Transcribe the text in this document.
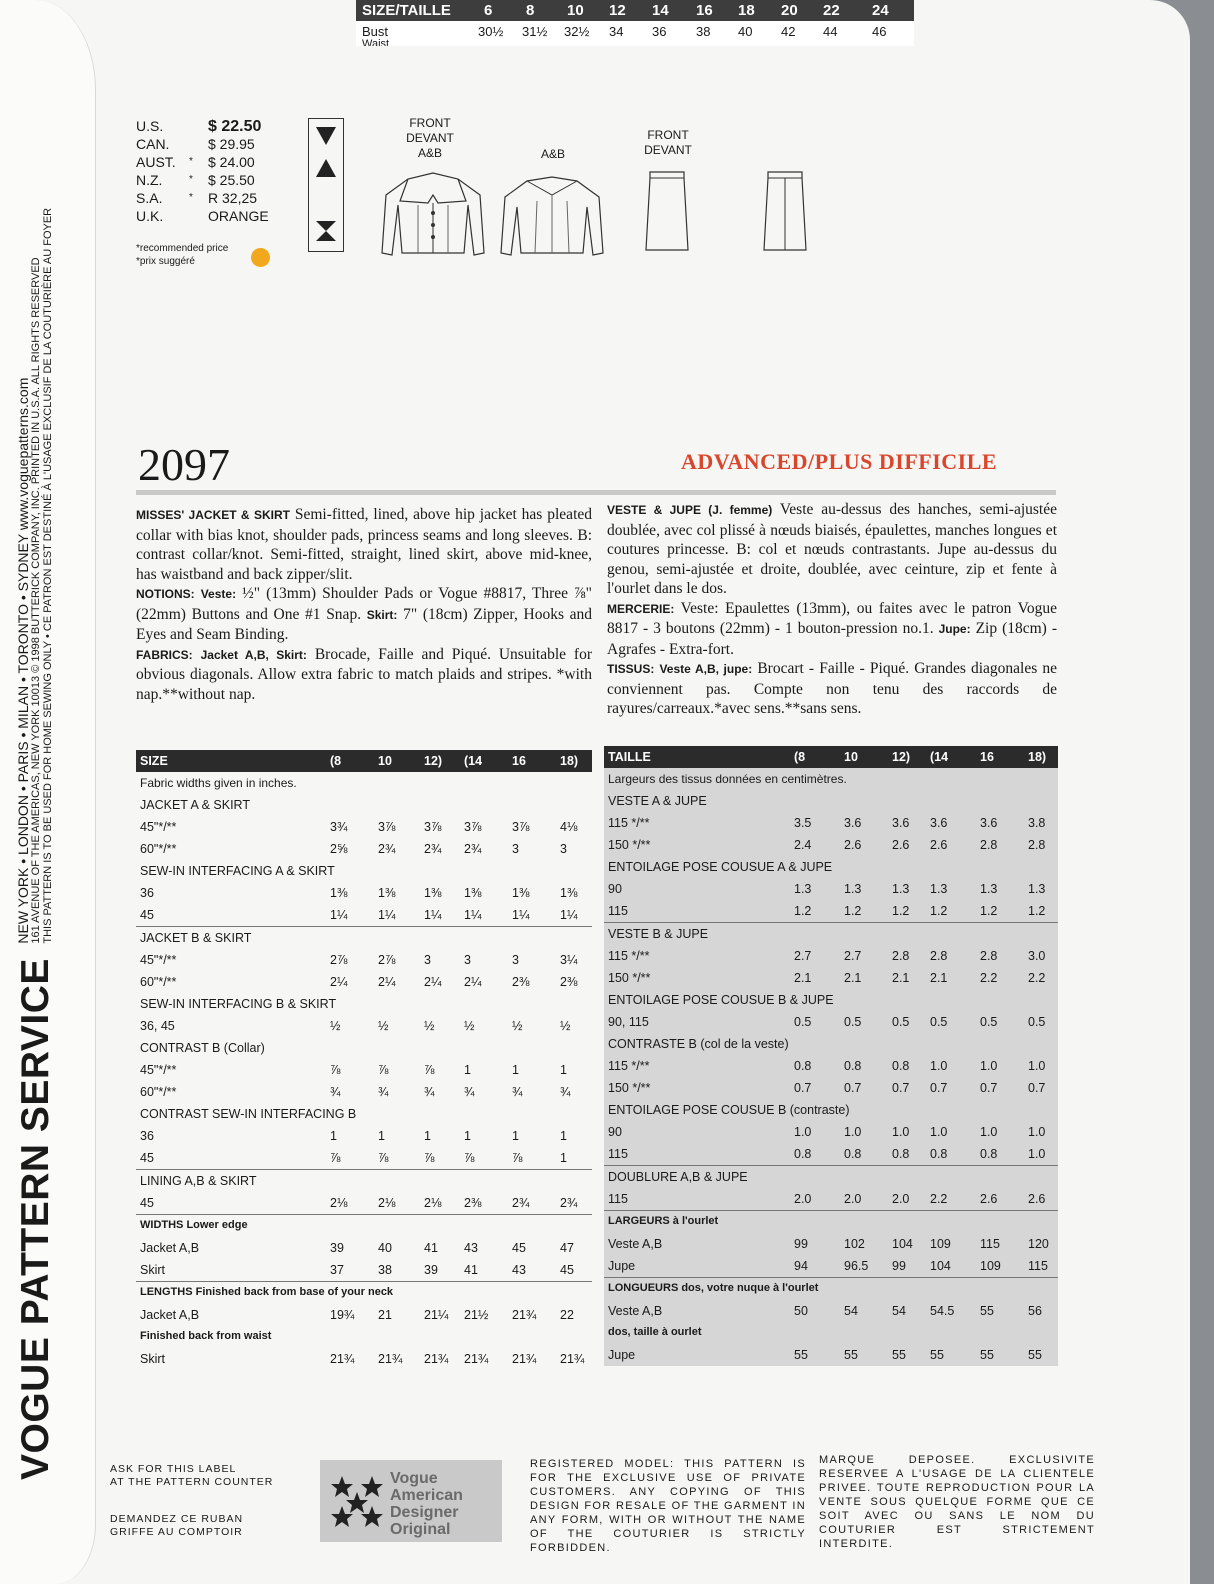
SIZE/TAILLE 6 8 10 12 14 16 18 20 22 24
Bust	30½ 31½ 32½ 34 36 38 40 42 44	46
Waist
VOGUE PATTERN SERVICE
NEW YORK • LONDON • PARIS • MILAN • TORONTO • SYDNEY www.voguepatterns.com
161 AVENUE OF THE AMERICAS, NEW YORK 10013 © 1998 BUTTERICK COMPANY, INC. PRINTED IN U.S.A. ALL RIGHTS RESERVED THIS PATTERN IS TO BE USED FOR HOME SEWING ONLY • CE PATRON EST DESTINÉ À L'USAGE EXCLUSIF DE LA COUTURIÈRE AU FOYER
U.S.	$ 22.50
CAN.	$ 29.95
AUST.	* $ 24.00
N.Z.	* $ 25.50
S.A.	* R 32,25
U.K.	ORANGE
*recommended price
*prix suggéré
FRONT DEVANT A&B	A&B
FRONT DEVANT
2097	ADVANCED/PLUS DIFFICILE
MISSES' JACKET & SKIRT Semi-fitted, lined, above hip jacket has pleated collar with bias knot, shoulder pads, princess seams and long sleeves. B: contrast collar/knot. Semi-fitted, straight, lined skirt, above mid-knee, has waistband and back zipper/slit.
NOTIONS: Veste: ½" (13mm) Shoulder Pads or Vogue #8817, Three ⅞" (22mm) Buttons and One #1 Snap. Skirt: 7" (18cm) Zipper, Hooks and Eyes and Seam Binding.
FABRICS: Jacket A,B, Skirt: Brocade, Faille and Piqué. Unsuitable for obvious diagonals. Allow extra fabric to match plaids and stripes. *with nap.**without nap.
VESTE & JUPE (J. femme) Veste au-dessus des hanches, semi-ajustée doublée, avec col plissé à nœuds biaisés, épaulettes, manches longues et coutures princesse. B: col et nœuds contrastants. Jupe au-dessus du genou, semi-ajustée et droite, doublée, avec ceinture, zip et fente à l'ourlet dans le dos.
MERCERIE: Veste: Epaulettes (13mm), ou faites avec le patron Vogue 8817 - 3 boutons (22mm) - 1 bouton-pression no.1. Jupe: Zip (18cm) - Agrafes - Extra-fort.
TISSUS: Veste A,B, jupe: Brocart - Faille - Piqué. Grandes diagonales ne conviennent pas. Compte non tenu des raccords de rayures/carreaux.*avec sens.**sans sens.
SIZE	(8	10	12) (14 16	18)
Fabric widths given in inches.
JACKET A & SKIRT
45"*/**	3¾ 3⅞ 3⅞ 3⅞ 3⅞ 4⅛
60"*/**	2⅝ 2¾ 2¾ 2¾ 3	3
SEW-IN INTERFACING A & SKIRT
36	1⅜ 1⅜ 1⅜ 1⅜ 1⅜ 1⅜
45	1¼ 1¼ 1¼ 1¼ 1¼ 1¼
JACKET B & SKIRT
45"*/**	2⅞ 2⅞ 3	3	3	3¼
60"*/**	2¼ 2¼ 2¼ 2¼ 2⅜ 2⅜
SEW-IN INTERFACING B & SKIRT
36, 45	½	½	½ ½	½	½
CONTRAST B (Collar)
45"*/**	⅞	⅞	⅞ 1	1	1
60"*/**	¾	¾	¾ ¾	¾	¾
CONTRAST SEW-IN INTERFACING B
36	1	1	1	1	1	1
45	⅞	⅞	⅞ ⅞	⅞	1
LINING A,B & SKIRT
45	2⅛ 2⅛ 2⅛ 2⅜ 2¾ 2¾
WIDTHS Lower edge
Jacket A,B	39	40	41 43	45	47
Skirt	37	38	39 41	43	45
LENGTHS Finished back from base of your neck
Jacket A,B	19¾ 21	21¼ 21½ 21¾ 22
Finished back from waist
Skirt	21¾ 21¾ 21¾ 21¾ 21¾ 21¾
TAILLE	(8	10	12) (14	16	18)
Largeurs des tissus données en centimètres.
VESTE A & JUPE
115 */**	3.5	3.6 3.6 3.6	3.6 3.8
150 */**	2.4	2.6 2.6 2.6	2.8 2.8
ENTOILAGE POSE COUSUE A & JUPE
90	1.3	1.3 1.3 1.3	1.3 1.3
115	1.2	1.2 1.2 1.2	1.2 1.2
VESTE B & JUPE
115 */**	2.7	2.7 2.8 2.8	2.8 3.0
150 */**	2.1	2.1 2.1 2.1	2.2 2.2
ENTOILAGE POSE COUSUE B & JUPE
90, 115	0.5	0.5 0.5 0.5	0.5 0.5
CONTRASTE B (col de la veste)
115 */**	0.8	0.8 0.8 1.0	1.0 1.0
150 */**	0.7	0.7 0.7 0.7	0.7 0.7
ENTOILAGE POSE COUSUE B (contraste)
90	1.0	1.0 1.0 1.0	1.0 1.0
115	0.8	0.8 0.8 0.8	0.8 1.0
DOUBLURE A,B & JUPE
115	2.0	2.0 2.0 2.2	2.6 2.6
LARGEURS à l'ourlet
Veste A,B	99	102 104 109 115 120
Jupe	94	96.5 99 104 109 115
LONGUEURS dos, votre nuque à l'ourlet
Veste A,B	50	54	54 54.5 55	56
dos, taille à ourlet
Jupe	55	55	55 55	55	55
ASK FOR THIS LABEL
AT THE PATTERN COUNTER
DEMANDEZ CE RUBAN
GRIFFE AU COMPTOIR
Vogue
American
Designer
Original
REGISTERED MODEL: THIS PATTERN IS FOR THE EXCLUSIVE USE OF PRIVATE CUSTOMERS. ANY COPYING OF THIS DESIGN FOR RESALE OF THE GARMENT IN ANY FORM, WITH OR WITHOUT THE NAME OF THE COUTURIER IS STRICTLY FORBIDDEN.
MARQUE DEPOSEE. EXCLUSIVITE RESERVEE A L'USAGE DE LA CLIENTELE PRIVEE. TOUTE REPRODUCTION POUR LA VENTE SOUS QUELQUE FORME QUE CE SOIT AVEC OU SANS LE NOM DU COUTURIER EST STRICTEMENT INTERDITE.
